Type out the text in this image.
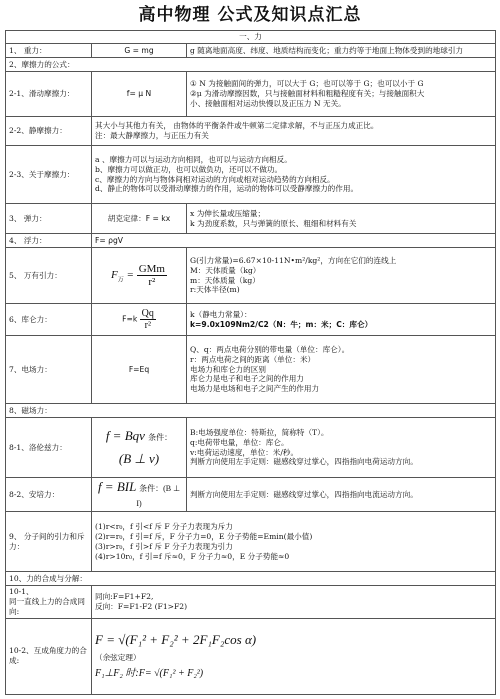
高中物理 公式及知识点汇总
一、力		
1、 重力：	G = mg	g 随离地面高度、纬度、地质结构而变化；重力约等于地面上物体受到的地球引力
2、摩擦力的公式：		
2-1、滑动摩擦力：	f= μ N	① N 为接触面间的弹力，可以大于 G；也可以等于 G；也可以小于 G
②μ 为滑动摩擦因数，只与接触面材料和粗糙程度有关；与接触面积大
小、接触面相对运动快慢以及正压力 N 无关。

2-2、静摩擦力：	其大小与其他力有关， 由物体的平衡条件或牛顿第二定律求解，不与正压力成正比。
注：最大静摩擦力，与正压力有关	

2-3、关于摩擦力：	a 、摩擦力可以与运动方向相同，也可以与运动方向相反。
b、摩擦力可以做正功，也可以做负功，还可以不做功。
c、摩擦力的方向与物体间相对运动的方向或相对运动趋势的方向相反。
d、静止的物体可以受滑动摩擦力的作用，运动的物体可以受静摩擦力的作用。	

3、 弹力：	胡克定律：F = kx	x 为伸长量或压缩量；
k 为劲度系数，只与弹簧的原长、粗细和材料有关

4、 浮力：	F= ρgV	
5、 万有引力：	$F_万 = \frac{\text{GMm}}{\text{r²}}$	G(引力常量)=6.67×10-11N•m²/kg²，方向在它们的连线上
M：天体质量（kg）
m：天体质量（kg）
r:天体半径(m)

6、库仑力：	$F=k \frac{Qq}{\text{r²}}$	k（静电力常量）：
k=9.0x109Nm2/C2（N：牛；m：米；C：库仑）

7、电场力：	F=Eq	Q、q：两点电荷分别的带电量（单位：库仑）。
r：两点电荷之间的距离（单位：米）
电场力和库仑力的区别
库仑力是电子和电子之间的作用力
电场力是电场和电子之间产生的作用力

8、磁场力：		
8-1、洛伦兹力：	f = Bqv 条件：
(B ⊥ v)	B:电场强度单位：特斯拉，简称特（T）。
q:电荷带电量，单位：库仑。
v:电荷运动速度，单位：米/秒。
判断方向使用左手定则：磁感线穿过掌心，四指指向电荷运动方向。

8-2、安培力：	f = BIL 条件：(B ⊥ I)	判断方向使用左手定则：磁感线穿过掌心，四指指向电流运动方向。
9、 分子间的引力和斥力：	(1)r<r₀，f 引<f 斥 F 分子力表现为斥力
(2)r=r₀，f 引=f 斥，F 分子力=0，E 分子势能=Emin(最小值)
(3)r>r₀，f 引>f 斥 F 分子力表现为引力
(4)r>10r₀，f 引=f 斥≈0，F 分子力≈0，E 分子势能≈0	

10、力的合成与分解：		

10-1、
同一直线上力的合成同向:	同向:F=F1+F2,
反向：F=F1-F2 (F1>F2)	

10-2、互成角度力的合成:	F = √(F₁² + F₂² + 2F₁F₂cos α)
（余弦定理）
F₁⊥F₂ 时:F= √(F₁² + F₂²)	
